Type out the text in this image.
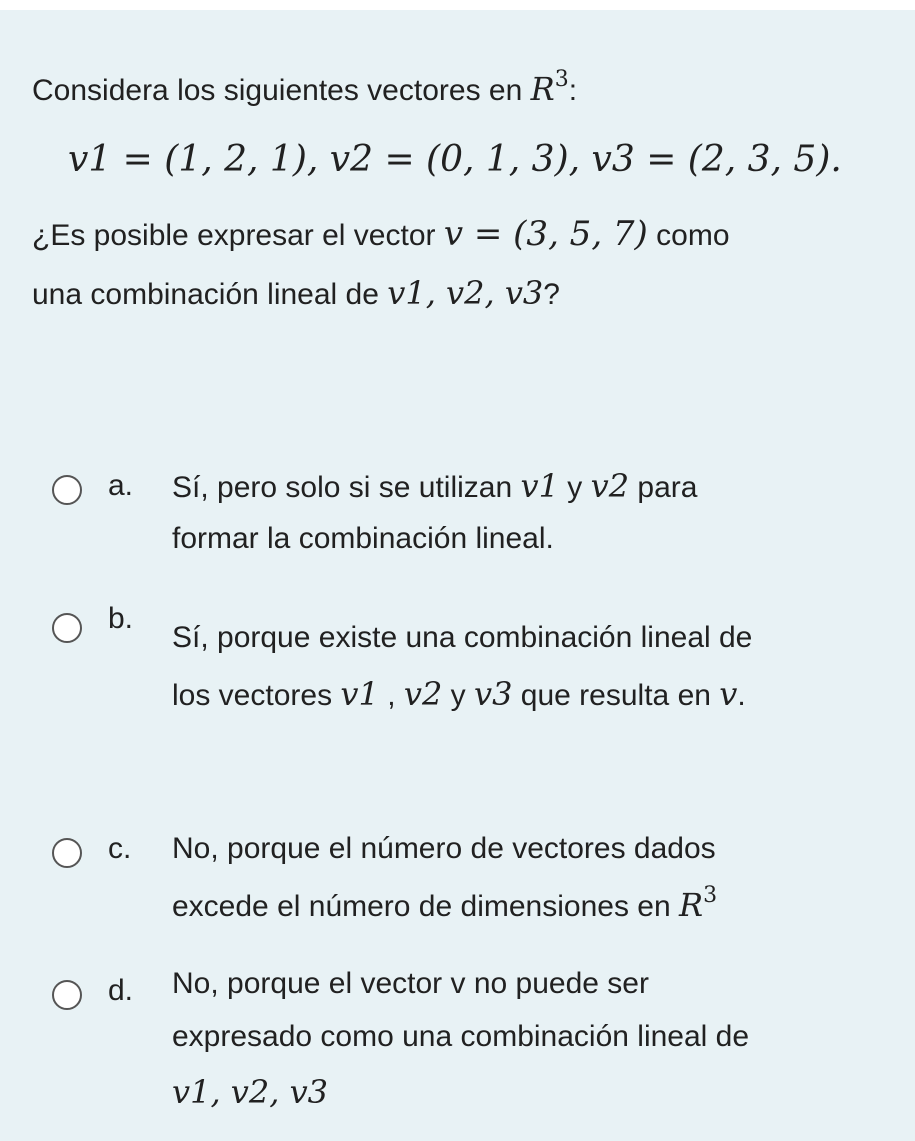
Considera los siguientes vectores en $R^3$:
v1 = (1, 2, 1), v2 = (0, 1, 3), v3 = (2, 3, 5).
¿Es posible expresar el vector v = (3, 5, 7) como
una combinación lineal de v1, v2, v3?
a. Sí, pero solo si se utilizan v1 y v2 para
formar la combinación lineal.
b.
Sí, porque existe una combinación lineal de
los vectores v1 , v2 y v3 que resulta en v.
c. No, porque el número de vectores dados
excede el número de dimensiones en $R^3$
d. No, porque el vector v no puede ser
expresado como una combinación lineal de
v1, v2, v3
